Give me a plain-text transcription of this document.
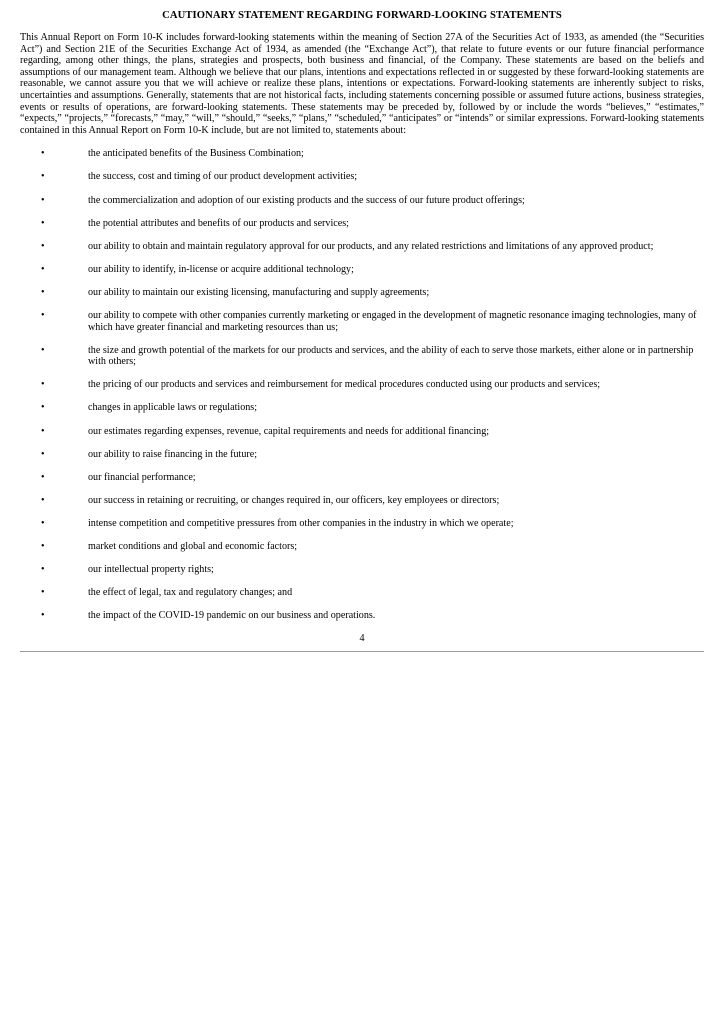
CAUTIONARY STATEMENT REGARDING FORWARD-LOOKING STATEMENTS

This Annual Report on Form 10-K includes forward-looking statements within the meaning of Section 27A of the Securities Act of 1933, as amended (the “Securities Act”) and Section 21E of the Securities Exchange Act of 1934, as amended (the “Exchange Act”), that relate to future events or our future financial performance regarding, among other things, the plans, strategies and prospects, both business and financial, of the Company. These statements are based on the beliefs and assumptions of our management team. Although we believe that our plans, intentions and expectations reflected in or suggested by these forward-looking statements are reasonable, we cannot assure you that we will achieve or realize these plans, intentions or expectations. Forward-looking statements are inherently subject to risks, uncertainties and assumptions. Generally, statements that are not historical facts, including statements concerning possible or assumed future actions, business strategies, events or results of operations, are forward-looking statements. These statements may be preceded by, followed by or include the words “believes,” “estimates,” “expects,” “projects,” “forecasts,” “may,” “will,” “should,” “seeks,” “plans,” “scheduled,” “anticipates” or “intends” or similar expressions. Forward-looking statements contained in this Annual Report on Form 10-K include, but are not limited to, statements about:

•	the anticipated benefits of the Business Combination;
•	the success, cost and timing of our product development activities;
•	the commercialization and adoption of our existing products and the success of our future product offerings;
•	the potential attributes and benefits of our products and services;
•	our ability to obtain and maintain regulatory approval for our products, and any related restrictions and limitations of any approved product;
•	our ability to identify, in-license or acquire additional technology;
•	our ability to maintain our existing licensing, manufacturing and supply agreements;
•	our ability to compete with other companies currently marketing or engaged in the development of magnetic resonance imaging technologies, many of which have greater financial and marketing resources than us;
•	the size and growth potential of the markets for our products and services, and the ability of each to serve those markets, either alone or in partnership with others;
•	the pricing of our products and services and reimbursement for medical procedures conducted using our products and services;
•	changes in applicable laws or regulations;
•	our estimates regarding expenses, revenue, capital requirements and needs for additional financing;
•	our ability to raise financing in the future;
•	our financial performance;
•	our success in retaining or recruiting, or changes required in, our officers, key employees or directors;
•	intense competition and competitive pressures from other companies in the industry in which we operate;
•	market conditions and global and economic factors;
•	our intellectual property rights;
•	the effect of legal, tax and regulatory changes; and
•	the impact of the COVID-19 pandemic on our business and operations.
4
